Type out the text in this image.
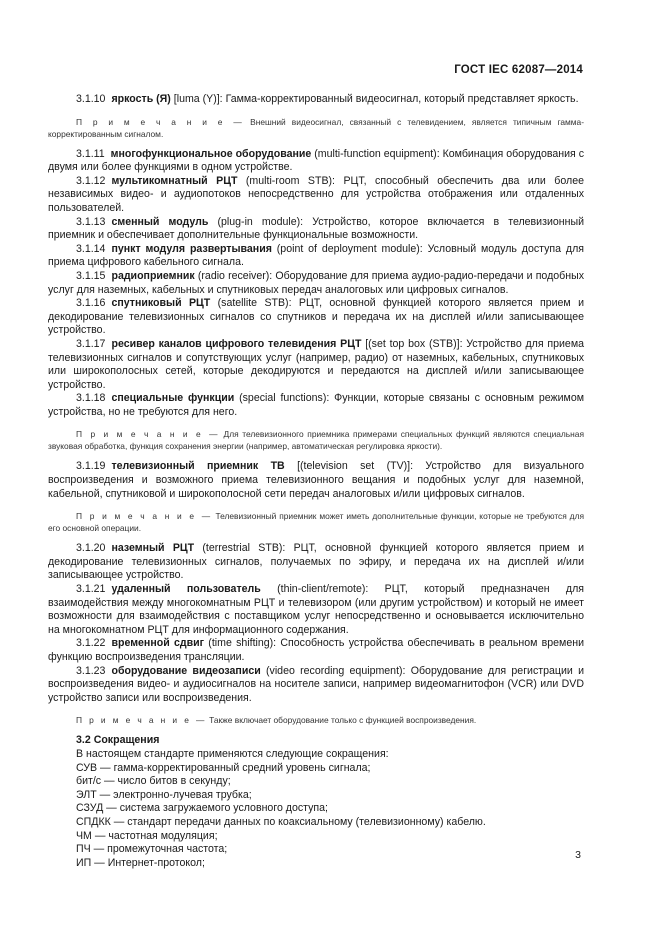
ГОСТ IEC 62087—2014

3.1.10 яркость (Я) [luma (Y)]: Гамма-корректированный видеосигнал, который представляет яркость.

П р и м е ч а н и е — Внешний видеосигнал, связанный с телевидением, является типичным гамма-корректированным сигналом.

3.1.11 многофункциональное оборудование (multi-function equipment): Комбинация оборудования с двумя или более функциями в одном устройстве.

3.1.12 мультикомнатный РЦТ (multi-room STB): РЦТ, способный обеспечить два или более независимых видео- и аудиопотоков непосредственно для устройства отображения или отдаленных пользователей.

3.1.13 сменный модуль (plug-in module): Устройство, которое включается в телевизионный приемник и обеспечивает дополнительные функциональные возможности.

3.1.14 пункт модуля развертывания (point of deployment module): Условный модуль доступа для приема цифрового кабельного сигнала.

3.1.15 радиоприемник (radio receiver): Оборудование для приема аудио-радио-передачи и подобных услуг для наземных, кабельных и спутниковых передач аналоговых или цифровых сигналов.

3.1.16 спутниковый РЦТ (satellite STB): РЦТ, основной функцией которого является прием и декодирование телевизионных сигналов со спутников и передача их на дисплей и/или записывающее устройство.

3.1.17 ресивер каналов цифрового телевидения РЦТ [(set top box (STB)]: Устройство для приема телевизионных сигналов и сопутствующих услуг (например, радио) от наземных, кабельных, спутниковых или широкополосных сетей, которые декодируются и передаются на дисплей и/или записывающее устройство.

3.1.18 специальные функции (special functions): Функции, которые связаны с основным режимом устройства, но не требуются для него.

П р и м е ч а н и е — Для телевизионного приемника примерами специальных функций являются специальная звуковая обработка, функция сохранения энергии (например, автоматическая регулировка яркости).

3.1.19 телевизионный приемник ТВ [(television set (TV)]: Устройство для визуального воспроизведения и возможного приема телевизионного вещания и подобных услуг для наземной, кабельной, спутниковой и широкополосной сети передач аналоговых и/или цифровых сигналов.

П р и м е ч а н и е — Телевизионный приемник может иметь дополнительные функции, которые не требуются для его основной операции.

3.1.20 наземный РЦТ (terrestrial STB): РЦТ, основной функцией которого является прием и декодирование телевизионных сигналов, получаемых по эфиру, и передача их на дисплей и/или записывающее устройство.

3.1.21 удаленный пользователь (thin-client/remote): РЦТ, который предназначен для взаимодействия между многокомнатным РЦТ и телевизором (или другим устройством) и который не имеет возможности для взаимодействия с поставщиком услуг непосредственно и основывается исключительно на многокомнатном РЦТ для информационного содержания.

3.1.22 временной сдвиг (time shifting): Способность устройства обеспечивать в реальном времени функцию воспроизведения трансляции.

3.1.23 оборудование видеозаписи (video recording equipment): Оборудование для регистрации и воспроизведения видео- и аудиосигналов на носителе записи, например видеомагнитофон (VCR) или DVD устройство записи или воспроизведения.

П р и м е ч а н и е — Также включает оборудование только с функцией воспроизведения.

3.2 Сокращения

В настоящем стандарте применяются следующие сокращения:

СУВ — гамма-корректированный средний уровень сигнала;

бит/с — число битов в секунду;

ЭЛТ — электронно-лучевая трубка;

СЗУД — система загружаемого условного доступа;

СПДКК — стандарт передачи данных по коаксиальному (телевизионному) кабелю.

ЧМ — частотная модуляция;

ПЧ — промежуточная частота;

ИП — Интернет-протокол;

3
